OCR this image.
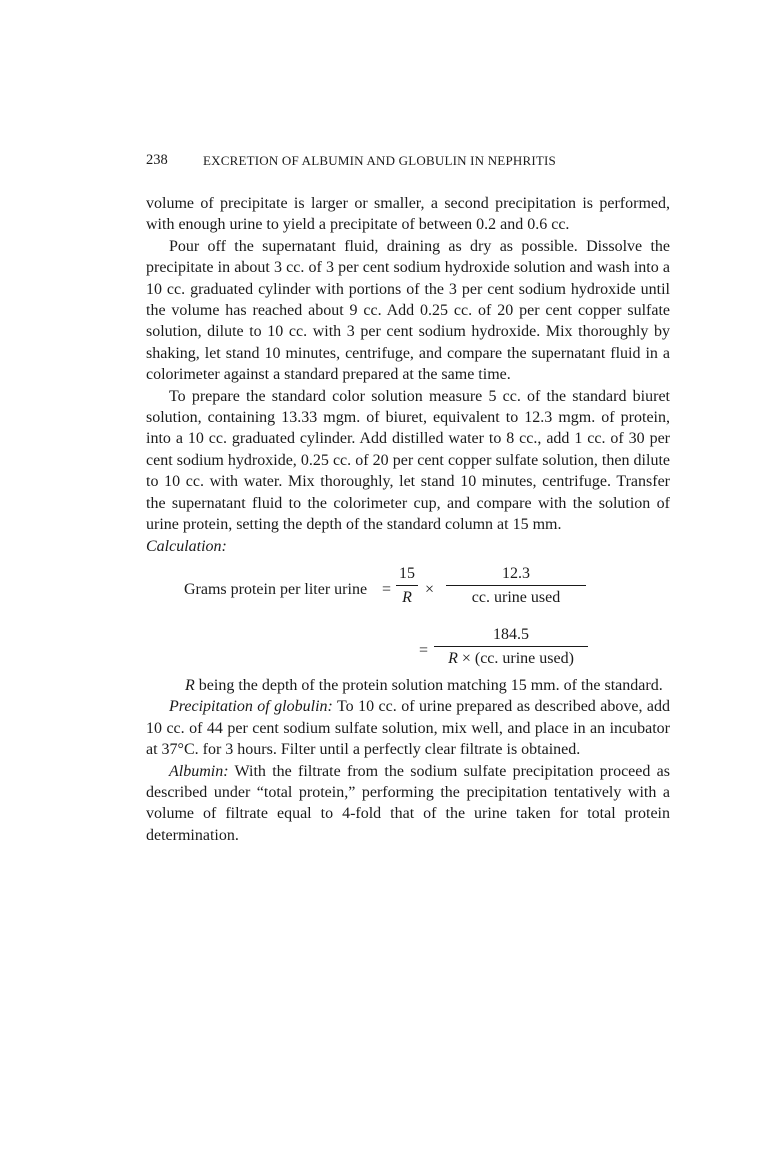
238	EXCRETION OF ALBUMIN AND GLOBULIN IN NEPHRITIS

volume of precipitate is larger or smaller, a second precipitation is performed, with enough urine to yield a precipitate of between 0.2 and 0.6 cc.

Pour off the supernatant fluid, draining as dry as possible. Dissolve the precipitate in about 3 cc. of 3 per cent sodium hydroxide solution and wash into a 10 cc. graduated cylinder with portions of the 3 per cent sodium hydroxide until the volume has reached about 9 cc. Add 0.25 cc. of 20 per cent copper sulfate solution, dilute to 10 cc. with 3 per cent sodium hydroxide. Mix thoroughly by shaking, let stand 10 minutes, centrifuge, and compare the supernatant fluid in a colorimeter against a standard prepared at the same time.

To prepare the standard color solution measure 5 cc. of the standard biuret solution, containing 13.33 mgm. of biuret, equivalent to 12.3 mgm. of protein, into a 10 cc. graduated cylinder. Add distilled water to 8 cc., add 1 cc. of 30 per cent sodium hydroxide, 0.25 cc. of 20 per cent copper sulfate solution, then dilute to 10 cc. with water. Mix thoroughly, let stand 10 minutes, centrifuge. Transfer the supernatant fluid to the colorimeter cup, and compare with the solution of urine protein, setting the depth of the standard column at 15 mm.

Calculation:

Grams protein per liter urine =
15
R ×
12.3
cc. urine used
=
184.5
R × (cc. urine used)

R being the depth of the protein solution matching 15 mm. of the standard.

Precipitation of globulin: To 10 cc. of urine prepared as described above, add 10 cc. of 44 per cent sodium sulfate solution, mix well, and place in an incubator at 37°C. for 3 hours. Filter until a perfectly clear filtrate is obtained.

Albumin: With the filtrate from the sodium sulfate precipitation proceed as described under “total protein,” performing the precipitation tentatively with a volume of filtrate equal to 4-fold that of the urine taken for total protein determination.
